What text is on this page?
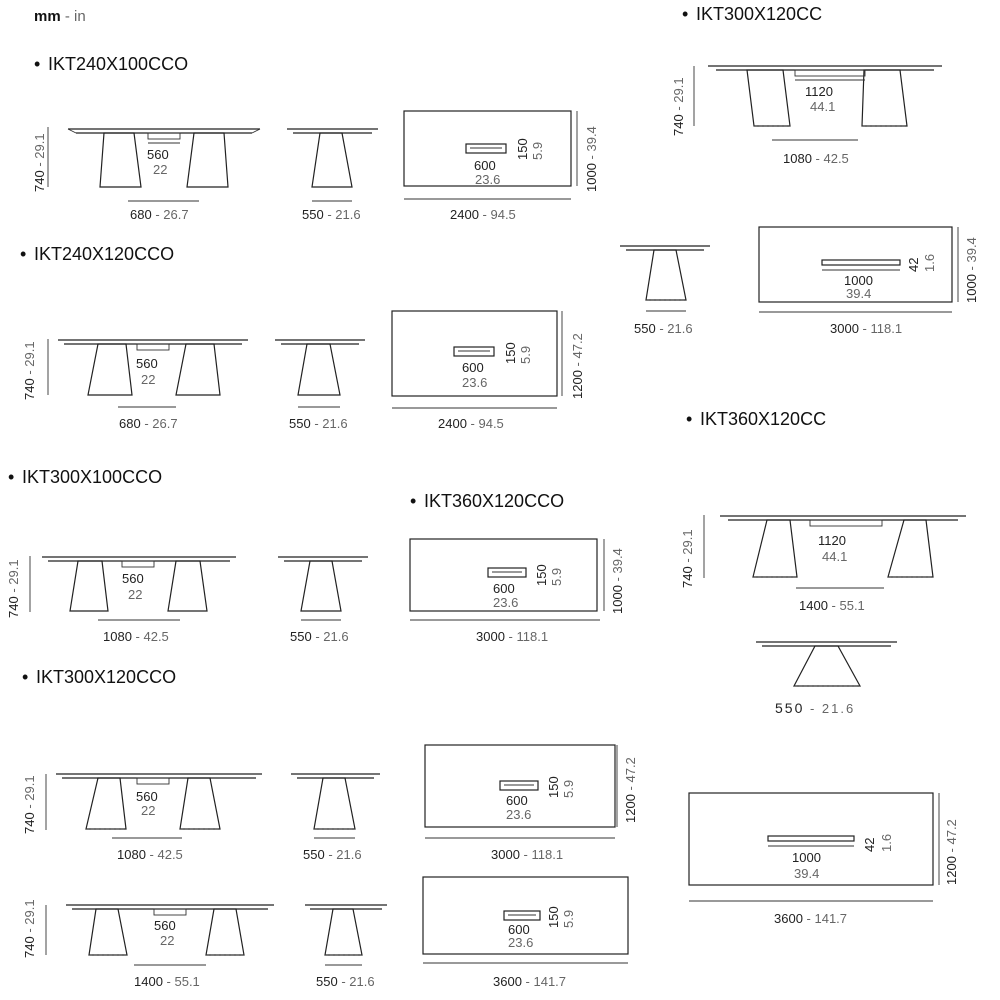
mm - in
• IKT240X100CCO
• IKT240X120CCO
• IKT300X100CCO
• IKT300X120CCO
• IKT360X120CCO
• IKT300X120CC
• IKT360X120CC
740 - 29.1	560
22
680 - 26.7	550 - 21.6
600
23.6
150 5.9
1000 - 39.4
2400 - 94.5
740 - 29.1	560
22
680 - 26.7	550 - 21.6
600
23.6
150 5.9
1200 - 47.2
2400 - 94.5
740 - 29.1	560
22
1080 - 42.5	550 - 21.6
600
23.6
150 5.9
1000 - 39.4
3000 - 118.1
740 - 29.1	560
22
1080 - 42.5	550 - 21.6
600
23.6
150 5.9
1200 - 47.2
3000 - 118.1
740 - 29.1
560
22
1400 - 55.1	550 - 21.6
600
23.6
150 5.9
3600 - 141.7
740 - 29.1	1120
44.1
1080 - 42.5
550 - 21.6
1000
39.4
42 1.6
1000 - 39.4
3000 - 118.1
740 - 29.1	1120
44.1
1400 - 55.1
550 - 21.6
1000
39.4
42 1.6
1200 - 47.2
3600 - 141.7
